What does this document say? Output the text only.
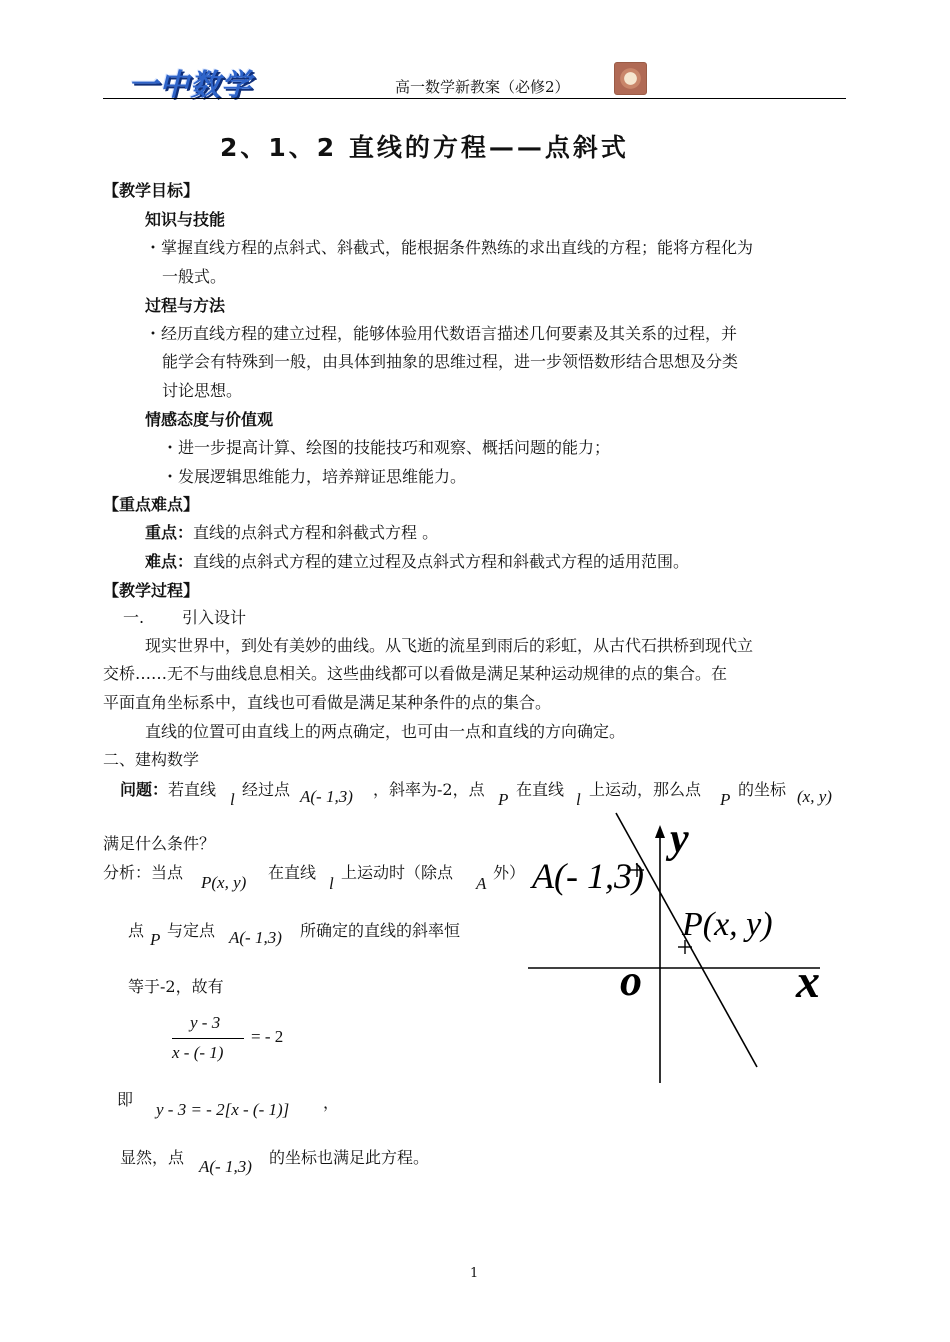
一中数学	高一数学新教案（必修2）
2、1、2 直线的方程——点斜式
【教学目标】
知识与技能
・掌握直线方程的点斜式、斜截式，能根据条件熟练的求出直线的方程；能将方程化为
一般式。
过程与方法
・经历直线方程的建立过程，能够体验用代数语言描述几何要素及其关系的过程，并
能学会有特殊到一般，由具体到抽象的思维过程，进一步领悟数形结合思想及分类
讨论思想。
情感态度与价值观
・进一步提高计算、绘图的技能技巧和观察、概括问题的能力；
・发展逻辑思维能力，培养辩证思维能力。
【重点难点】
重点：直线的点斜式方程和斜截式方程 。
难点：直线的点斜式方程的建立过程及点斜式方程和斜截式方程的适用范围。
【教学过程】
一. 引入设计
现实世界中，到处有美妙的曲线。从飞逝的流星到雨后的彩虹，从古代石拱桥到现代立
交桥……无不与曲线息息相关。这些曲线都可以看做是满足某种运动规律的点的集合。在
平面直角坐标系中，直线也可看做是满足某种条件的点的集合。
直线的位置可由直线上的两点确定，也可由一点和直线的方向确定。
二、建构数学
问题：若直线
l
经过点 A(- 1,3) ，斜率为-2，点
P
在直线
l
上运动，那么点
P
的坐标 (x, y)
满足什么条件？
分析：当点
P(x, y)
在直线
l
上运动时（除点
A
外）
点 P 与定点 A(- 1,3) 所确定的直线的斜率恒
等于-2，故有
y - 3
x - (- 1)
= - 2
即
y - 3 = - 2[x - (- 1)] ，
显然，点 A(- 1,3) 的坐标也满足此方程。
y
x
o
A(- 1,3)
P(x, y)
1
